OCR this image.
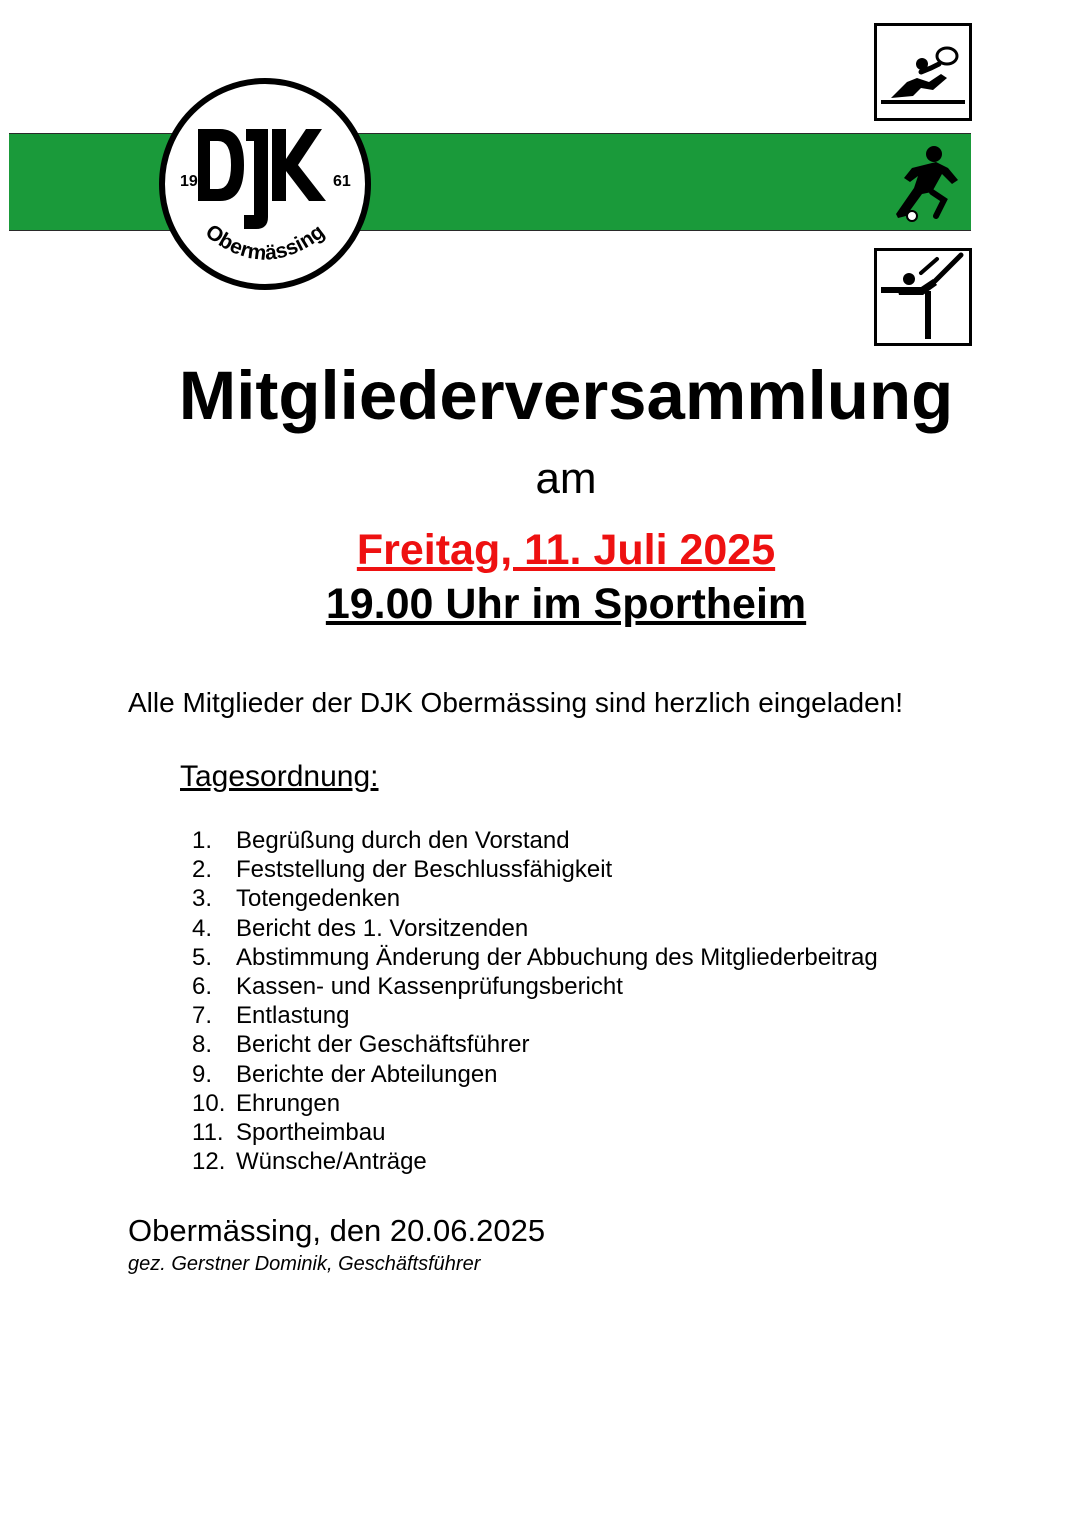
19	61
Obermässing
Mitgliederversammlung
am
Freitag, 11. Juli 2025
19.00 Uhr im Sportheim
Alle Mitglieder der DJK Obermässing sind herzlich eingeladen!
Tagesordnung:
1. Begrüßung durch den Vorstand
2. Feststellung der Beschlussfähigkeit
3. Totengedenken
4. Bericht des 1. Vorsitzenden
5. Abstimmung Änderung der Abbuchung des Mitgliederbeitrag
6. Kassen- und Kassenprüfungsbericht
7. Entlastung
8. Bericht der Geschäftsführer
9. Berichte der Abteilungen
10. Ehrungen
11. Sportheimbau
12. Wünsche/Anträge
Obermässing, den 20.06.2025
gez. Gerstner Dominik, Geschäftsführer
